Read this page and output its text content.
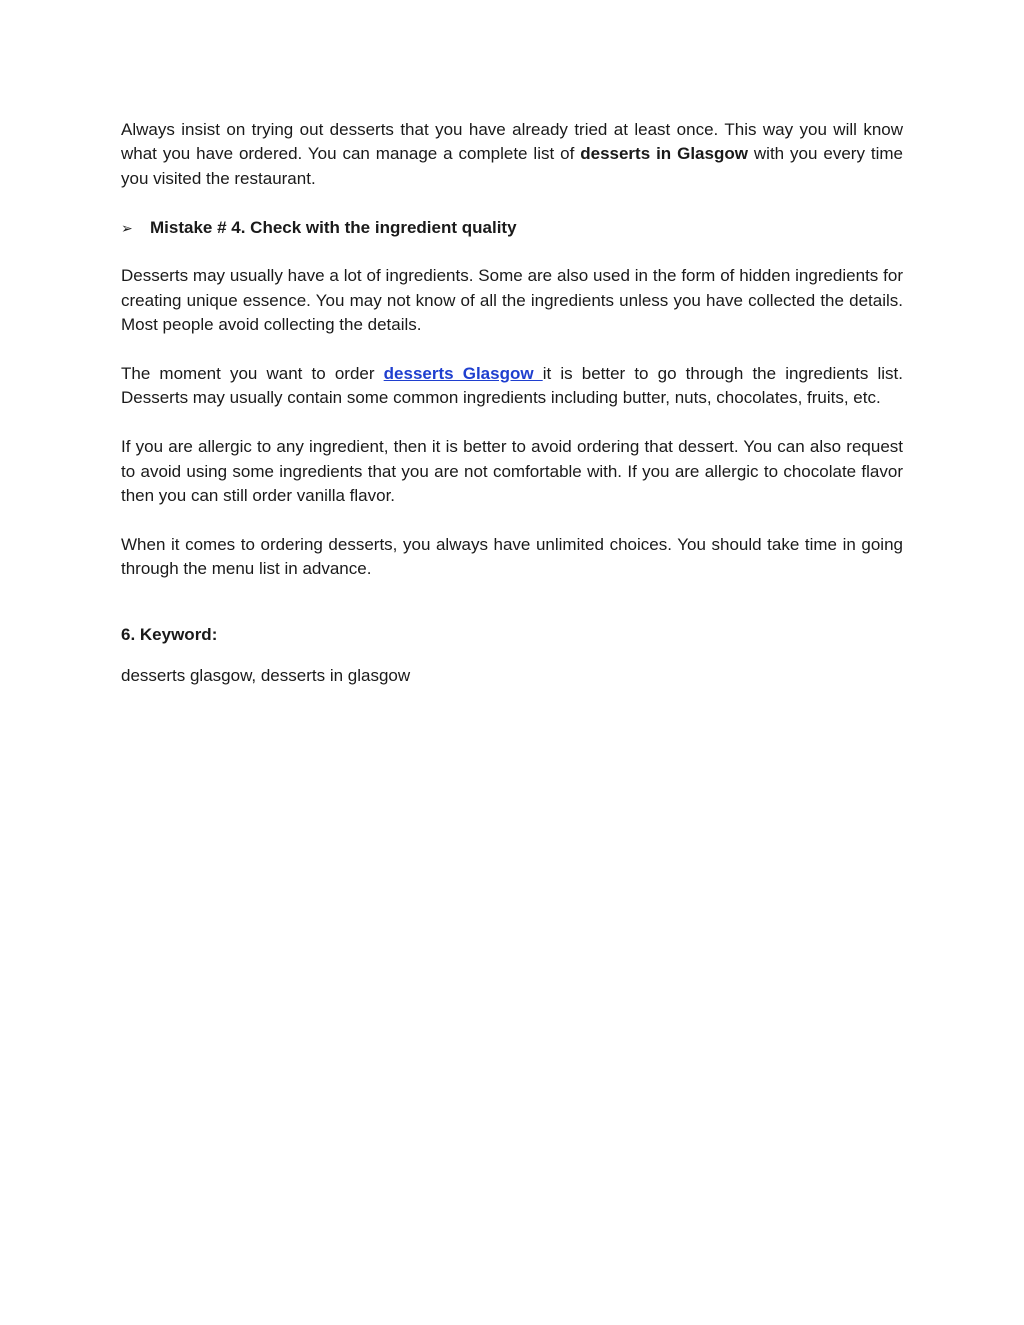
Always insist on trying out desserts that you have already tried at least once. This way you will know what you have ordered. You can manage a complete list of desserts in Glasgow with you every time you visited the restaurant.

➢	Mistake # 4. Check with the ingredient quality

Desserts may usually have a lot of ingredients. Some are also used in the form of hidden ingredients for creating unique essence. You may not know of all the ingredients unless you have collected the details. Most people avoid collecting the details.

The moment you want to order desserts Glasgow it is better to go through the ingredients list. Desserts may usually contain some common ingredients including butter, nuts, chocolates, fruits, etc.

If you are allergic to any ingredient, then it is better to avoid ordering that dessert. You can also request to avoid using some ingredients that you are not comfortable with. If you are allergic to chocolate flavor then you can still order vanilla flavor.

When it comes to ordering desserts, you always have unlimited choices. You should take time in going through the menu list in advance.

6. Keyword:

desserts glasgow, desserts in glasgow
